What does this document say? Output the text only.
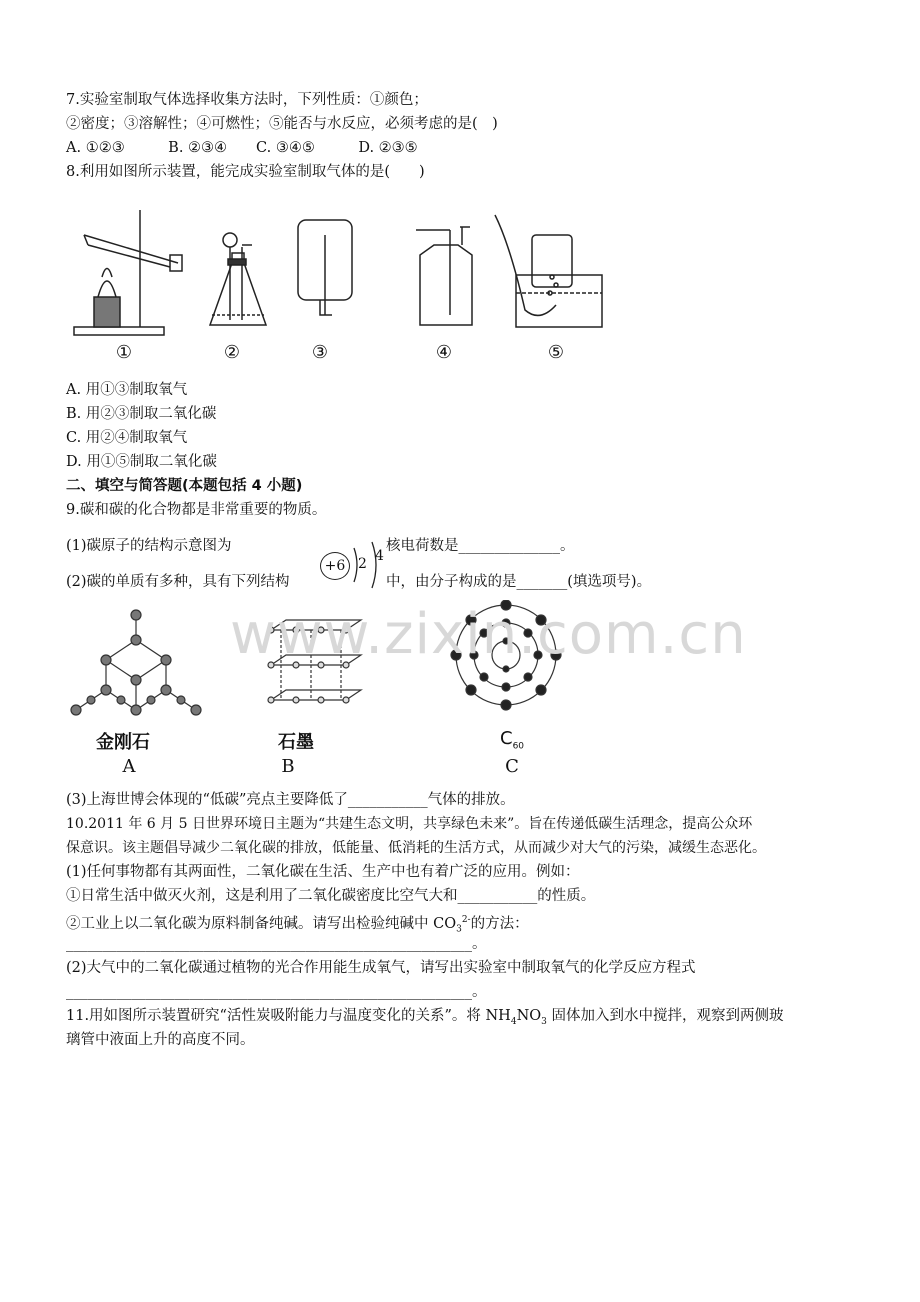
7.实验室制取气体选择收集方法时，下列性质：①颜色；
②密度；③溶解性；④可燃性；⑤能否与水反应，必须考虑的是(　)
A. ①②③　　　B. ②③④　　C. ③④⑤　　　D. ②③⑤
8.利用如图所示装置，能完成实验室制取气体的是(　　)
①	②	③	④	⑤
A. 用①③制取氧气
B. 用②③制取二氧化碳
C. 用②④制取氧气
D. 用①⑤制取二氧化碳
二、填空与简答题(本题包括 4 小题)
9.碳和碳的化合物都是非常重要的物质。
(1)碳原子的结构示意图为	核电荷数是______________。
+6 2 4
(2)碳的单质有多种，具有下列结构	中，由分子构成的是_______(填选项号)。
金刚石	石墨	$C_{60}$
A	B	C
www.zixin.com.cn
(3)上海世博会体现的“低碳”亮点主要降低了___________气体的排放。
10.2011 年 6 月 5 日世界环境日主题为“共建生态文明，共享绿色未来”。旨在传递低碳生活理念，提高公众环
保意识。该主题倡导减少二氧化碳的排放，低能量、低消耗的生活方式，从而减少对大气的污染，减缓生态恶化。
(1)任何事物都有其两面性，二氧化碳在生活、生产中也有着广泛的应用。例如：
①日常生活中做灭火剂，这是利用了二氧化碳密度比空气大和___________的性质。
②工业上以二氧化碳为原料制备纯碱。请写出检验纯碱中 $CO_3^{2-}$的方法：
________________________________________________________。
(2)大气中的二氧化碳通过植物的光合作用能生成氧气，请写出实验室中制取氧气的化学反应方程式
________________________________________________________。
11.用如图所示装置研究“活性炭吸附能力与温度变化的关系”。将 $NH_4NO_3$ 固体加入到水中搅拌，观察到两侧玻
璃管中液面上升的高度不同。
